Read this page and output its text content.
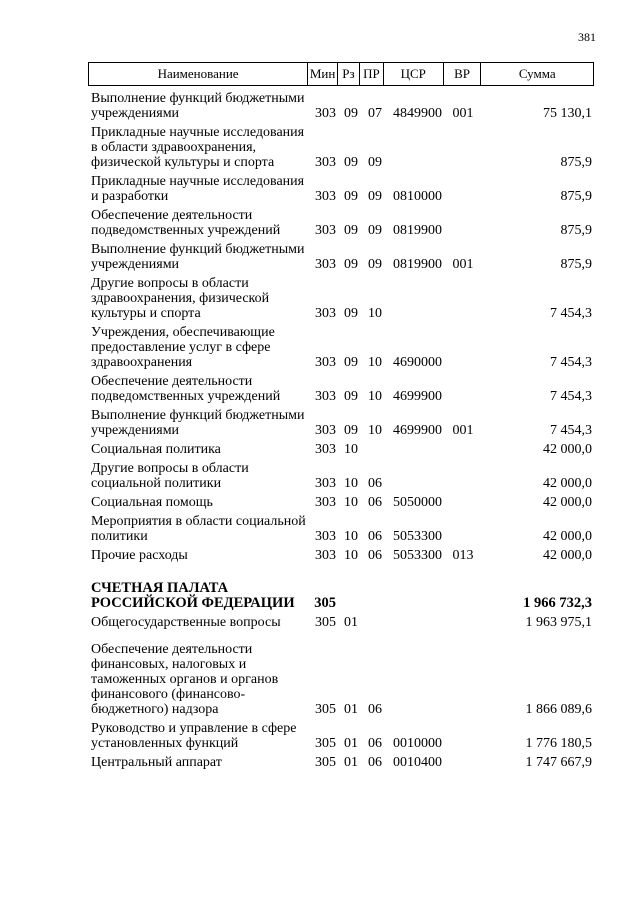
381
Наименование	Мин Рз ПР	ЦСР	ВР	Сумма
Выполнение функций бюджетными учреждениями	303 09 07 4849900 001	75 130,1
Прикладные научные исследования в области здравоохранения, физической культуры и спорта	303 09 09	875,9
Прикладные научные исследования и разработки	303 09 09 0810000	875,9
Обеспечение деятельности подведомственных учреждений	303 09 09 0819900	875,9
Выполнение функций бюджетными учреждениями	303 09 09 0819900 001	875,9
Другие вопросы в области здравоохранения, физической культуры и спорта	303 09 10	7 454,3
Учреждения, обеспечивающие предоставление услуг в сфере здравоохранения	303 09 10 4690000	7 454,3
Обеспечение деятельности подведомственных учреждений	303 09 10 4699900	7 454,3
Выполнение функций бюджетными учреждениями	303 09 10 4699900 001	7 454,3
Социальная политика	303 10	42 000,0
Другие вопросы в области социальной политики	303 10 06	42 000,0
Социальная помощь	303 10 06 5050000	42 000,0
Мероприятия в области социальной политики	303 10 06 5053300	42 000,0
Прочие расходы	303 10 06 5053300 013	42 000,0
СЧЕТНАЯ ПАЛАТА РОССИЙСКОЙ ФЕДЕРАЦИИ	305	1 966 732,3
Общегосударственные вопросы	305 01	1 963 975,1
Обеспечение деятельности финансовых, налоговых и таможенных органов и органов финансового (финансово-бюджетного) надзора	305 01 06	1 866 089,6
Руководство и управление в сфере установленных функций	305 01 06 0010000	1 776 180,5
Центральный аппарат	305 01 06 0010400	1 747 667,9
